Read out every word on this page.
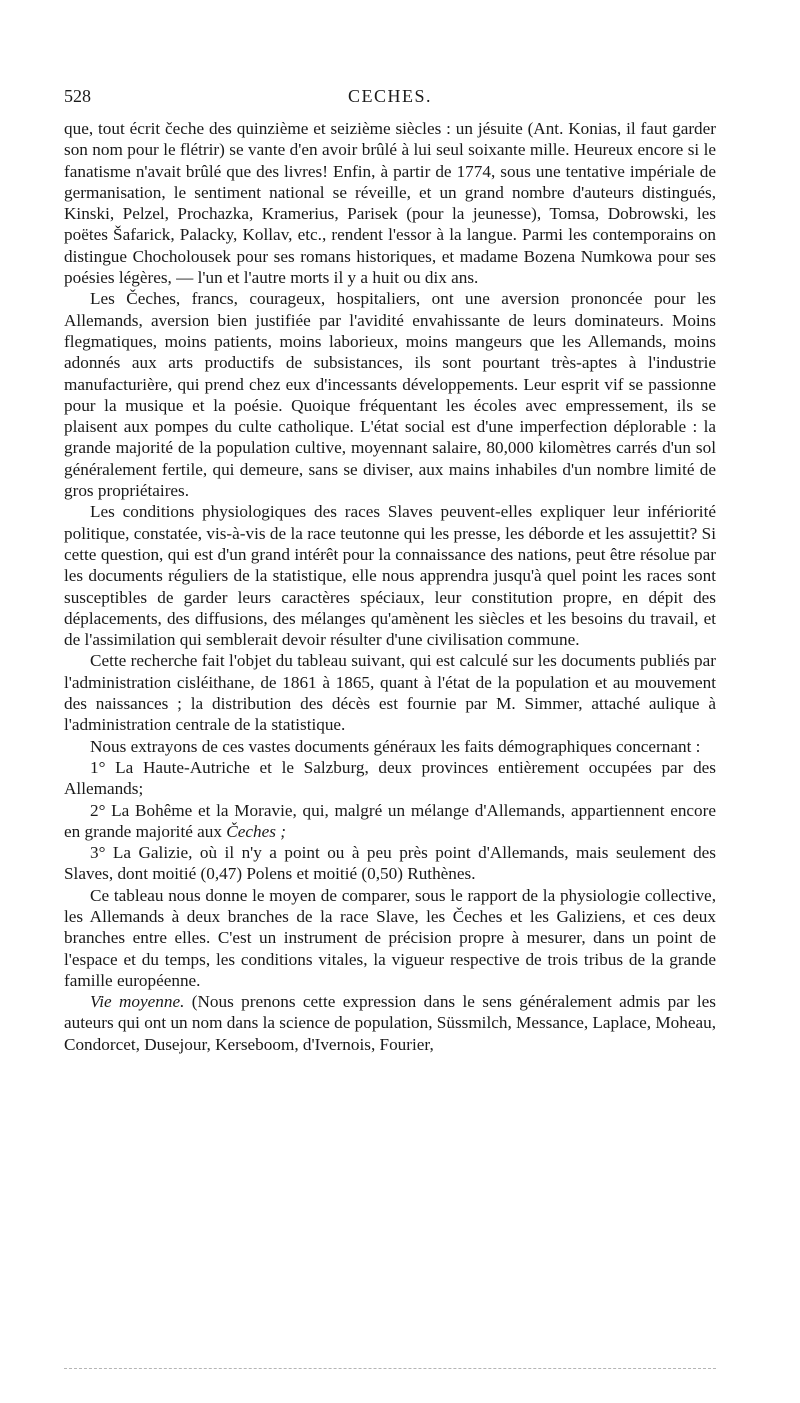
528	CECHES.

que, tout écrit čeche des quinzième et seizième siècles : un jésuite (Ant. Konias, il faut garder son nom pour le flétrir) se vante d'en avoir brûlé à lui seul soixante mille. Heureux encore si le fanatisme n'avait brûlé que des livres! Enfin, à partir de 1774, sous une tentative impériale de germanisation, le sentiment national se réveille, et un grand nombre d'auteurs distingués, Kinski, Pelzel, Prochazka, Kramerius, Parisek (pour la jeunesse), Tomsa, Dobrowski, les poëtes Šafarick, Palacky, Kollav, etc., rendent l'essor à la langue. Parmi les contemporains on distingue Chocholousek pour ses romans historiques, et madame Bozena Numkowa pour ses poésies légères, — l'un et l'autre morts il y a huit ou dix ans.

Les Čeches, francs, courageux, hospitaliers, ont une aversion prononcée pour les Allemands, aversion bien justifiée par l'avidité envahissante de leurs dominateurs. Moins flegmatiques, moins patients, moins laborieux, moins mangeurs que les Allemands, moins adonnés aux arts productifs de subsistances, ils sont pourtant très-aptes à l'industrie manufacturière, qui prend chez eux d'incessants développements. Leur esprit vif se passionne pour la musique et la poésie. Quoique fréquentant les écoles avec empressement, ils se plaisent aux pompes du culte catholique. L'état social est d'une imperfection déplorable : la grande majorité de la population cultive, moyennant salaire, 80,000 kilomètres carrés d'un sol généralement fertile, qui demeure, sans se diviser, aux mains inhabiles d'un nombre limité de gros propriétaires.

Les conditions physiologiques des races Slaves peuvent-elles expliquer leur infériorité politique, constatée, vis-à-vis de la race teutonne qui les presse, les déborde et les assujettit? Si cette question, qui est d'un grand intérêt pour la connaissance des nations, peut être résolue par les documents réguliers de la statistique, elle nous apprendra jusqu'à quel point les races sont susceptibles de garder leurs caractères spéciaux, leur constitution propre, en dépit des déplacements, des diffusions, des mélanges qu'amènent les siècles et les besoins du travail, et de l'assimilation qui semblerait devoir résulter d'une civilisation commune.

Cette recherche fait l'objet du tableau suivant, qui est calculé sur les documents publiés par l'administration cisléithane, de 1861 à 1865, quant à l'état de la population et au mouvement des naissances ; la distribution des décès est fournie par M. Simmer, attaché aulique à l'administration centrale de la statistique.

Nous extrayons de ces vastes documents généraux les faits démographiques concernant :

1° La Haute-Autriche et le Salzburg, deux provinces entièrement occupées par des Allemands;

2° La Bohême et la Moravie, qui, malgré un mélange d'Allemands, appartiennent encore en grande majorité aux Čeches ;

3° La Galizie, où il n'y a point ou à peu près point d'Allemands, mais seulement des Slaves, dont moitié (0,47) Polens et moitié (0,50) Ruthènes.

Ce tableau nous donne le moyen de comparer, sous le rapport de la physiologie collective, les Allemands à deux branches de la race Slave, les Čeches et les Galiziens, et ces deux branches entre elles. C'est un instrument de précision propre à mesurer, dans un point de l'espace et du temps, les conditions vitales, la vigueur respective de trois tribus de la grande famille européenne.

Vie moyenne. (Nous prenons cette expression dans le sens généralement admis par les auteurs qui ont un nom dans la science de population, Süssmilch, Messance, Laplace, Moheau, Condorcet, Dusejour, Kerseboom, d'Ivernois, Fourier,
